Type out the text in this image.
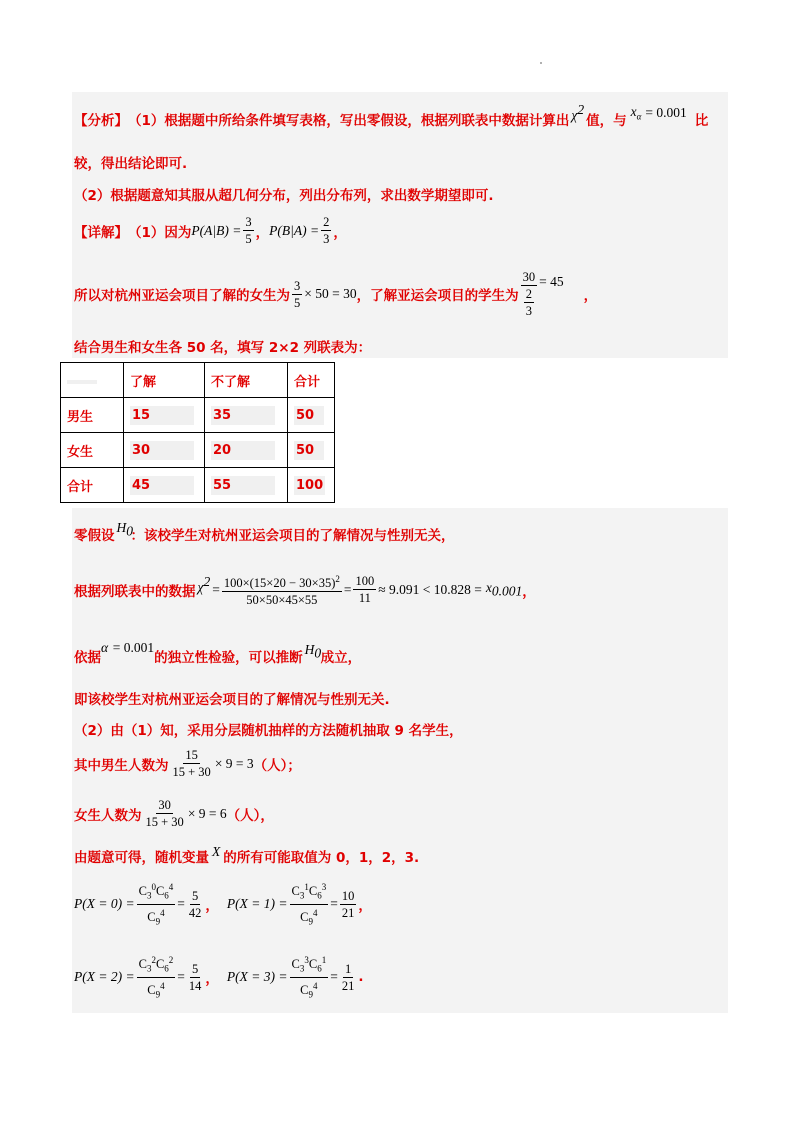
【分析】 （1）根据题中所给条件填写表格，写出零假设，根据列联表中数据计算出 $\chi^2$
值，与
$x_\alpha = 0.001$
比
较，得出结论即可.
（2）根据题意知其服从超几何分布，列出分布列，求出数学期望即可.
【详解】 （1）因为 $P(A|B) = \frac{3}{5}$ ， $P(B|A) = \frac{2}{3}$ ，
所以对杭州亚运会项目了解的女生为 $\frac{3}{5} \times 50 = 30$ ，了解亚运会项目的学生为 $\frac{30}{\frac{2}{3}} = 45$
，
结合男生和女生各 50 名，填写 2×2 列联表为：
	了解	不了解	合计
男生	15	35	50
女生	30	20	50
合计	45	55	100
零假设
$H_0$
：该校学生对杭州亚运会项目的了解情况与性别无关，
根据列联表中的数据 $\chi^2$
= $\frac{100\times(15\times 20 - 30\times 35)^2}{50\times 50\times 45\times 55} = \frac{100}{11} \approx 9.091 < 10.828 = x_{0.001}$ ，
依据
α = 0.001
的独立性检验，可以推断
$H_0$ 成立，
即该校学生对杭州亚运会项目的了解情况与性别无关.
（2）由（1）知，采用分层随机抽样的方法随机抽取 9 名学生，
其中男生人数为 $\frac{15}{15 + 30} \times 9 = 3$ （人）；
女生人数为 $\frac{30}{15 + 30} \times 9 = 6$ （人），
由题意可得，随机变量 X 的所有可能取值为 0，1，2，3.
$P(X = 0) = \frac{C_3^0C_6^4}{C_9^4} = \frac{5}{42}$ ， $P(X = 1) = \frac{C_3^1C_6^3}{C_9^4} = \frac{10}{21}$ ，
$P(X = 2) = \frac{C_3^2C_6^2}{C_9^4} = \frac{5}{14}$ ， $P(X = 3) = \frac{C_3^3C_6^1}{C_9^4} = \frac{1}{21}$ .
